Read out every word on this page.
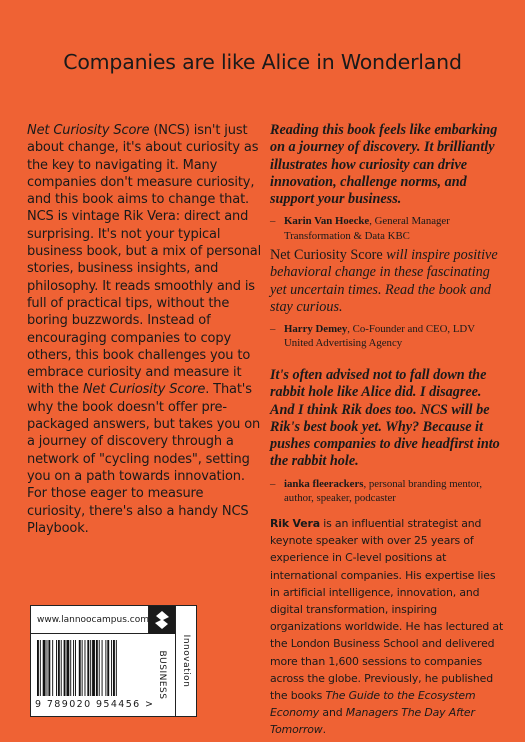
Companies are like Alice in Wonderland
Net Curiosity Score (NCS) isn't just about change, it's about curiosity as the key to navigating it. Many companies don't measure curiosity, and this book aims to change that. NCS is vintage Rik Vera: direct and surprising. It's not your typical business book, but a mix of personal stories, business insights, and philosophy. It reads smoothly and is full of practical tips, without the boring buzzwords. Instead of encouraging companies to copy others, this book challenges you to embrace curiosity and measure it with the Net Curiosity Score. That's why the book doesn't offer pre-packaged answers, but takes you on a journey of discovery through a network of "cycling nodes", setting you on a path towards innovation. For those eager to measure curiosity, there's also a handy NCS Playbook.

Reading this book feels like embarking on a journey of discovery. It brilliantly illustrates how curiosity can drive innovation, challenge norms, and support your business.

– Karin Van Hoecke, General Manager Transformation & Data KBC

Net Curiosity Score will inspire positive behavioral change in these fascinating yet uncertain times. Read the book and stay curious.

– Harry Demey, Co-Founder and CEO, LDV United Advertising Agency

It's often advised not to fall down the rabbit hole like Alice did. I disagree. And I think Rik does too. NCS will be Rik's best book yet. Why? Because it pushes companies to dive headfirst into the rabbit hole.

– ianka fleerackers, personal branding mentor, author, speaker, podcaster
Rik Vera is an influential strategist and keynote speaker with over 25 years of experience in C-level positions at international companies. His expertise lies in artificial intelligence, innovation, and digital transformation, inspiring organizations worldwide. He has lectured at the London Business School and delivered more than 1,600 sessions to companies across the globe. Previously, he published the books The Guide to the Ecosystem Economy and Managers The Day After Tomorrow.
www.lannoocampus.com
9 789020 954456 >
BUSINESS Innovation
